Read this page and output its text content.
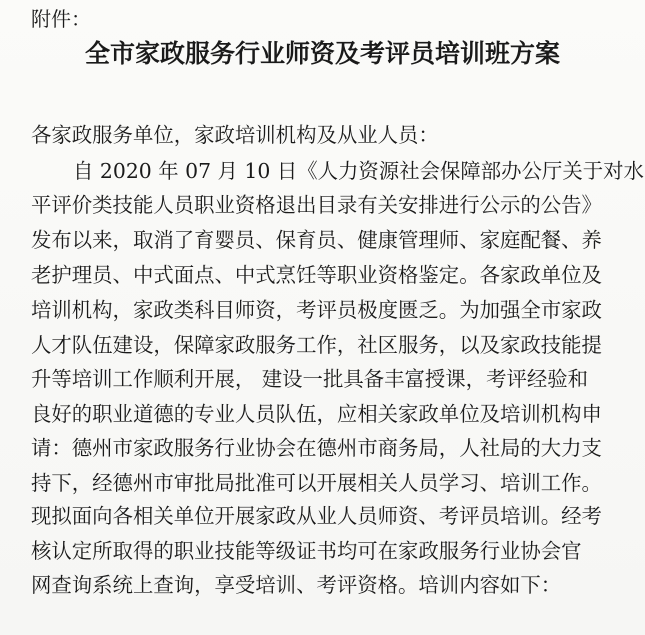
附件：
全市家政服务行业师资及考评员培训班方案
各家政服务单位，家政培训机构及从业人员：
自 2020 年 07 月 10 日《人力资源社会保障部办公厅关于对水
平评价类技能人员职业资格退出目录有关安排进行公示的公告》
发布以来，取消了育婴员、保育员、健康管理师、家庭配餐、养
老护理员、中式面点、中式烹饪等职业资格鉴定。各家政单位及
培训机构，家政类科目师资，考评员极度匮乏。为加强全市家政
人才队伍建设，保障家政服务工作，社区服务，以及家政技能提
升等培训工作顺利开展， 建设一批具备丰富授课，考评经验和
良好的职业道德的专业人员队伍，应相关家政单位及培训机构申
请：德州市家政服务行业协会在德州市商务局，人社局的大力支
持下，经德州市审批局批准可以开展相关人员学习、培训工作。
现拟面向各相关单位开展家政从业人员师资、考评员培训。经考
核认定所取得的职业技能等级证书均可在家政服务行业协会官
网查询系统上查询，享受培训、考评资格。培训内容如下：
